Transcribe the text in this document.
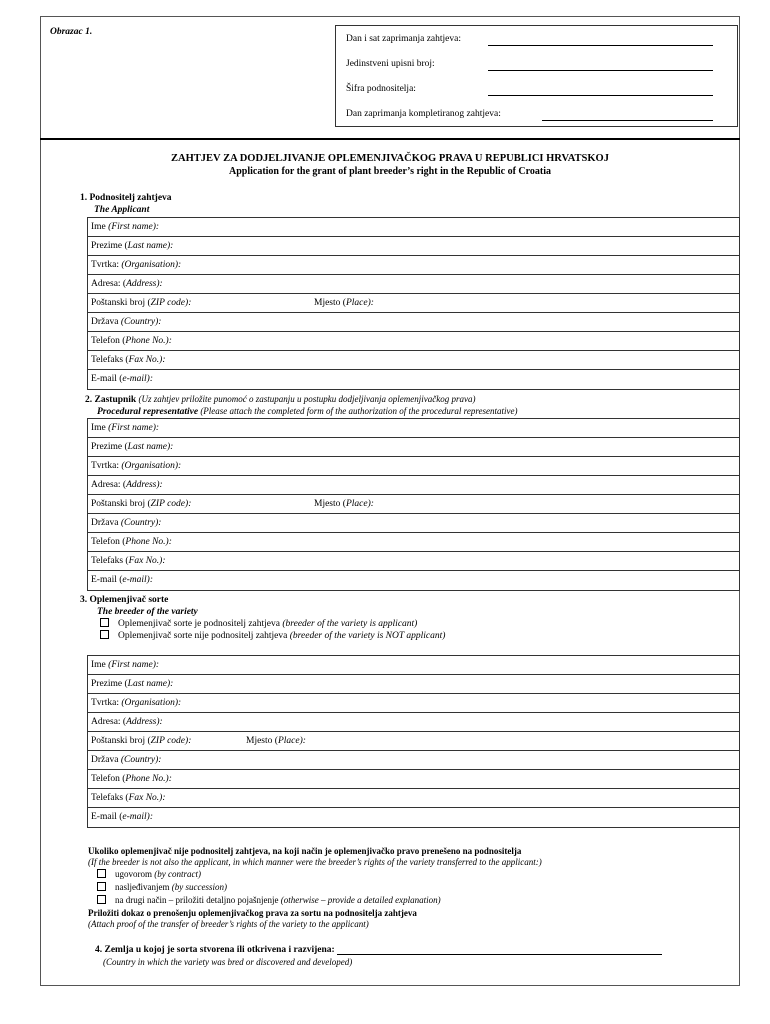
Obrazac 1.
Dan i sat zaprimanja zahtjeva:
Jedinstveni upisni broj:
Šifra podnositelja:
Dan zaprimanja kompletiranog zahtjeva:
ZAHTJEV ZA DODJELJIVANJE OPLEMENJIVAČKOG PRAVA U REPUBLICI HRVATSKOJ
Application for the grant of plant breeder’s right in the Republic of Croatia
1. Podnositelj zahtjeva
The Applicant
Ime (First name):
Prezime (Last name):
Tvrtka: (Organisation):
Adresa: (Address):
Poštanski broj (ZIP code):	Mjesto (Place):
Država (Country):
Telefon (Phone No.):
Telefaks (Fax No.):
E-mail (e-mail):
2. Zastupnik (Uz zahtjev priložite punomoć o zastupanju u postupku dodjeljivanja oplemenjivačkog prava)
Procedural representative (Please attach the completed form of the authorization of the procedural representative)
Ime (First name):
Prezime (Last name):
Tvrtka: (Organisation):
Adresa: (Address):
Poštanski broj (ZIP code):	Mjesto (Place):
Država (Country):
Telefon (Phone No.):
Telefaks (Fax No.):
E-mail (e-mail):
3. Oplemenjivač sorte
The breeder of the variety
Oplemenjivač sorte je podnositelj zahtjeva (breeder of the variety is applicant)
Oplemenjivač sorte nije podnositelj zahtjeva (breeder of the variety is NOT applicant)
Ime (First name):
Prezime (Last name):
Tvrtka: (Organisation):
Adresa: (Address):
Poštanski broj (ZIP code):	Mjesto (Place):
Država (Country):
Telefon (Phone No.):
Telefaks (Fax No.):
E-mail (e-mail):
Ukoliko oplemenjivač nije podnositelj zahtjeva, na koji način je oplemenjivačko pravo prenešeno na podnositelja
(If the breeder is not also the applicant, in which manner were the breeder’s rights of the variety transferred to the applicant:)
ugovorom (by contract)
nasljeđivanjem (by succession)
na drugi način – priložiti detaljno pojašnjenje (otherwise – provide a detailed explanation)
Priložiti dokaz o prenošenju oplemenjivačkog prava za sortu na podnositelja zahtjeva
(Attach proof of the transfer of breeder’s rights of the variety to the applicant)
4. Zemlja u kojoj je sorta stvorena ili otkrivena i razvijena:
(Country in which the variety was bred or discovered and developed)
